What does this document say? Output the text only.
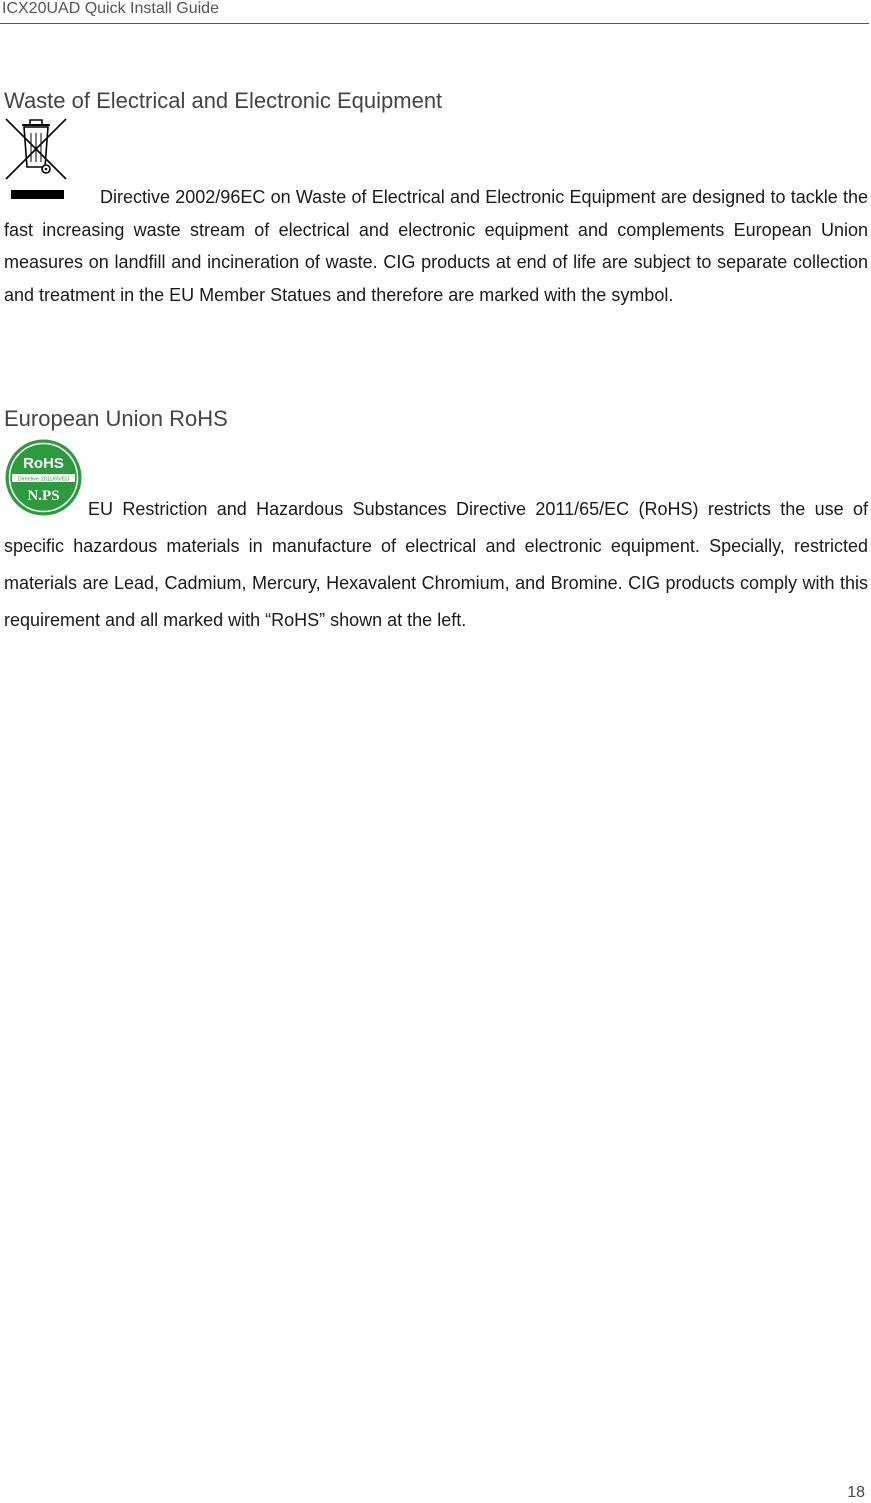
ICX20UAD Quick Install Guide
Waste of Electrical and Electronic Equipment

Directive 2002/96EC on Waste of Electrical and Electronic Equipment are designed to tackle the fast increasing waste stream of electrical and electronic equipment and complements European Union measures on landfill and incineration of waste. CIG products at end of life are subject to separate collection and treatment in the EU Member Statues and therefore are marked with the symbol.

European Union RoHS
RoHS
Directive 2011/65/EU
N.PS

EU Restriction and Hazardous Substances Directive 2011/65/EC (RoHS) restricts the use of specific hazardous materials in manufacture of electrical and electronic equipment. Specially, restricted materials are Lead, Cadmium, Mercury, Hexavalent Chromium, and Bromine. CIG products comply with this requirement and all marked with “RoHS” shown at the left.

18
